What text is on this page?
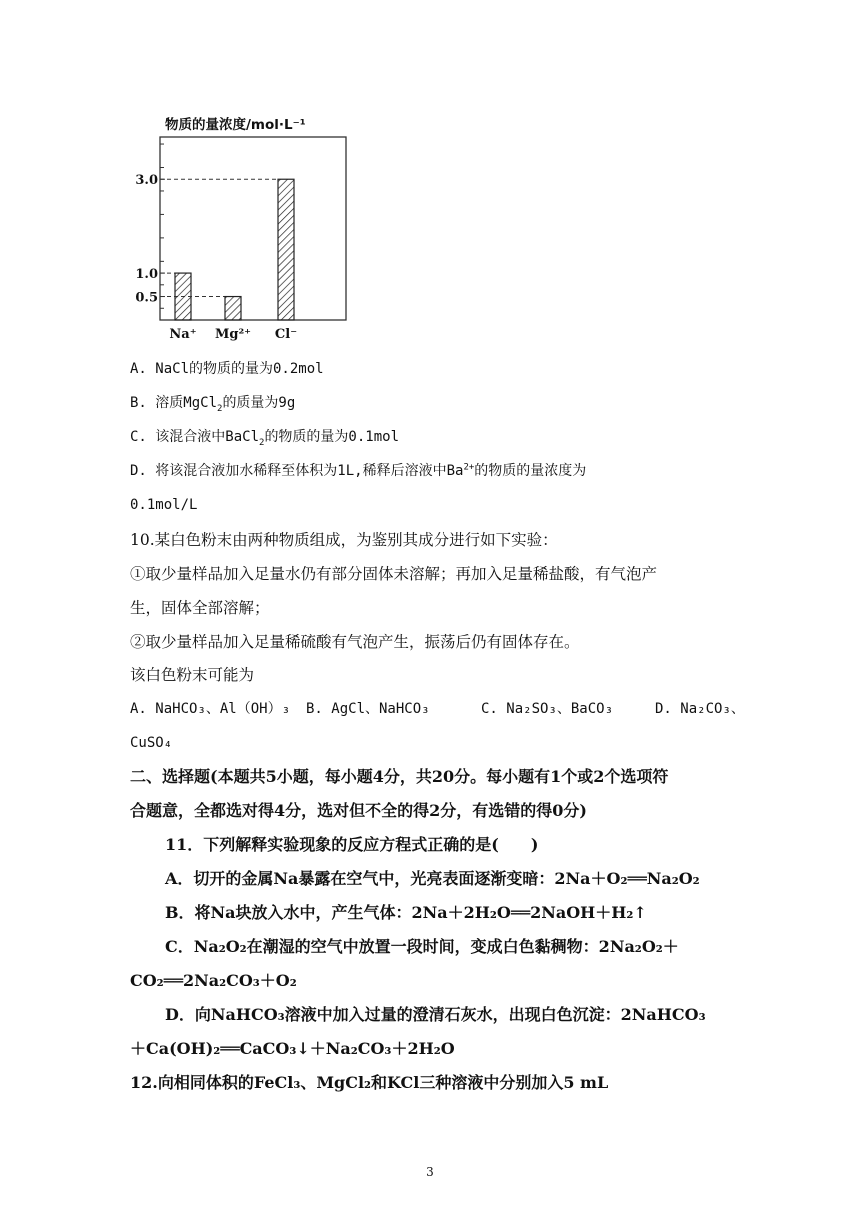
物质的量浓度/mol·L⁻¹
Na⁺ Mg²⁺ Cl⁻
3.0
1.0
0.5
A. NaCl的物质的量为0.2mol
B. 溶质MgCl$_2$的质量为9g
C. 该混合液中BaCl$_2$的物质的量为0.1mol
D. 将该混合液加水稀释至体积为1L,稀释后溶液中$Ba^{2+}$的物质的量浓度为
0.1mol/L
10.某白色粉末由两种物质组成，为鉴别其成分进行如下实验：
①取少量样品加入足量水仍有部分固体未溶解；再加入足量稀盐酸，有气泡产
生，固体全部溶解；
②取少量样品加入足量稀硫酸有气泡产生，振荡后仍有固体存在。
该白色粉末可能为
A. NaHCO₃、Al（OH）₃ B. AgCl、NaHCO₃	C. Na₂SO₃、BaCO₃	D. Na₂CO₃、
CuSO₄
二、选择题(本题共5小题，每小题4分，共20分。每小题有1个或2个选项符
合题意，全都选对得4分，选对但不全的得2分，有选错的得0分)
11．下列解释实验现象的反应方程式正确的是(　　)
A．切开的金属Na暴露在空气中，光亮表面逐渐变暗：2Na＋O₂══Na₂O₂
B．将Na块放入水中，产生气体：2Na＋2H₂O══2NaOH＋H₂↑
C．Na₂O₂在潮湿的空气中放置一段时间，变成白色黏稠物：2Na₂O₂＋
CO₂══2Na₂CO₃＋O₂
D．向NaHCO₃溶液中加入过量的澄清石灰水，出现白色沉淀：2NaHCO₃
＋Ca(OH)₂══CaCO₃↓＋Na₂CO₃＋2H₂O
12.向相同体积的FeCl₃、MgCl₂和KCl三种溶液中分别加入5 mL
3
